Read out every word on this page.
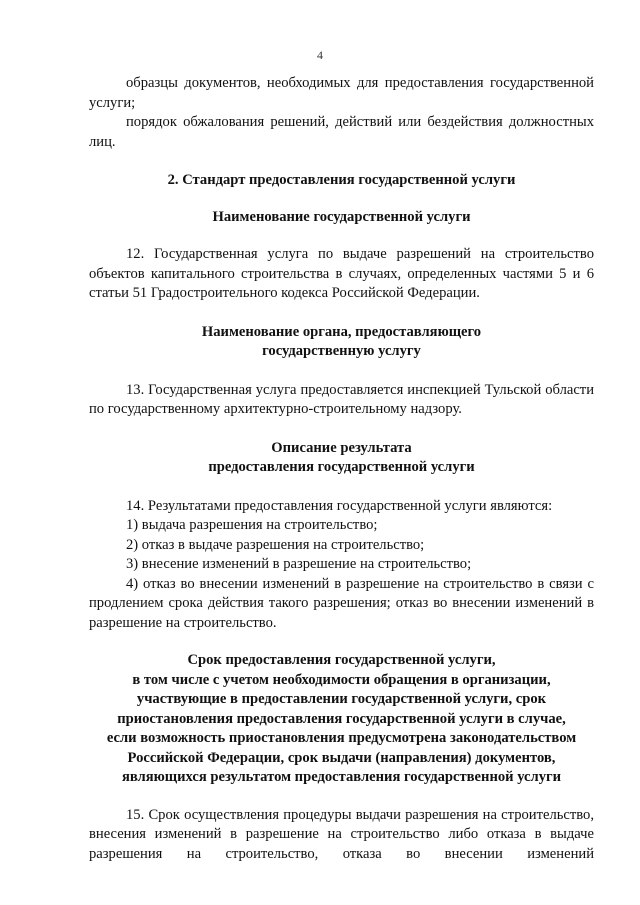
4

образцы документов, необходимых для предоставления государственной услуги;

порядок обжалования решений, действий или бездействия должностных лиц.

2. Стандарт предоставления государственной услуги
Наименование государственной услуги

12. Государственная услуга по выдаче разрешений на строительство объектов капитального строительства в случаях, определенных частями 5 и 6 статьи 51 Градостроительного кодекса Российской Федерации.

Наименование органа, предоставляющего
государственную услугу

13. Государственная услуга предоставляется инспекцией Тульской области по государственному архитектурно-строительному надзору.

Описание результата
предоставления государственной услуги

14. Результатами предоставления государственной услуги являются:

1) выдача разрешения на строительство;

2) отказ в выдаче разрешения на строительство;

3) внесение изменений в разрешение на строительство;

4) отказ во внесении изменений в разрешение на строительство в связи с продлением срока действия такого разрешения; отказ во внесении изменений в разрешение на строительство.

Срок предоставления государственной услуги,
в том числе с учетом необходимости обращения в организации,
участвующие в предоставлении государственной услуги, срок
приостановления предоставления государственной услуги в случае,
если возможность приостановления предусмотрена законодательством
Российской Федерации, срок выдачи (направления) документов,
являющихся результатом предоставления государственной услуги

15. Срок осуществления процедуры выдачи разрешения на строительство, внесения изменений в разрешение на строительство либо отказа в выдаче разрешения на строительство, отказа во внесении изменений
